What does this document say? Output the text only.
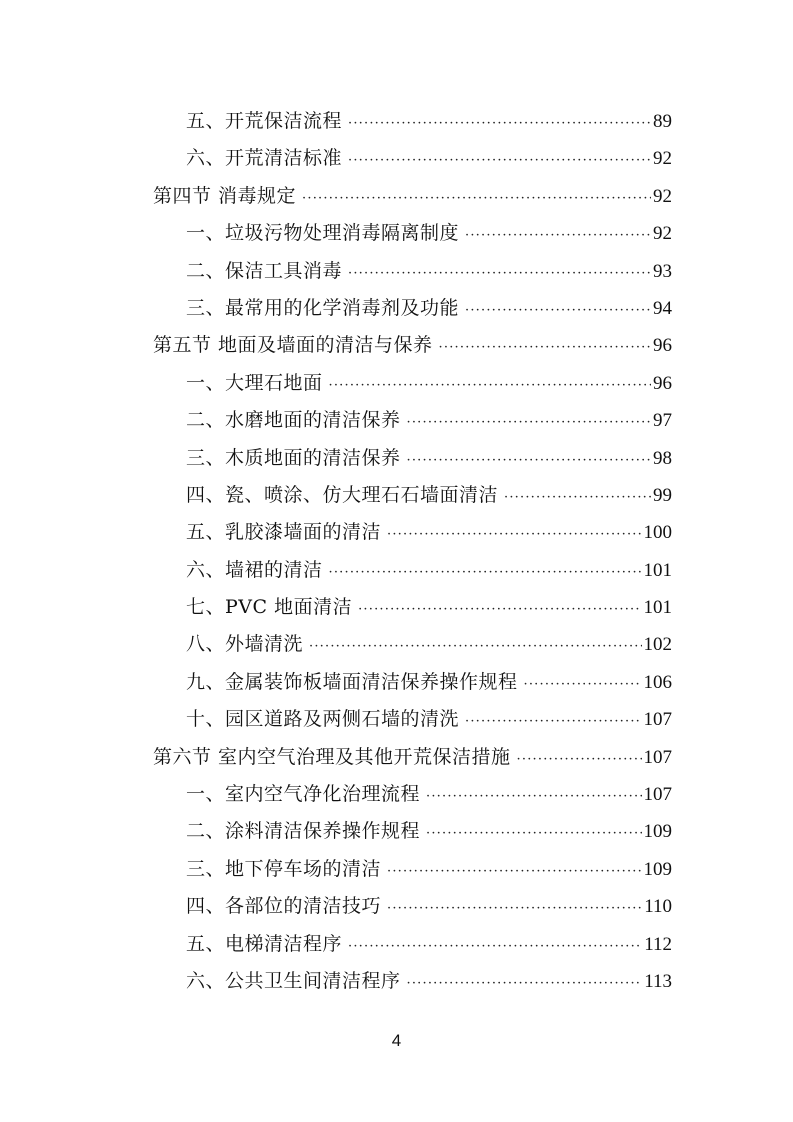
五、开荒保洁流程 ·····	89
六、开荒清洁标准 ·····	92
第四节 消毒规定 ·····	92
一、垃圾污物处理消毒隔离制度 ·····	92
二、保洁工具消毒 ·····	93
三、最常用的化学消毒剂及功能 ·····	94
第五节 地面及墙面的清洁与保养 ·····	96
一、大理石地面 ·····	96
二、水磨地面的清洁保养 ·····	97
三、木质地面的清洁保养 ·····	98
四、瓷、喷涂、仿大理石石墙面清洁 ·····	99
五、乳胶漆墙面的清洁 ·····	100
六、墙裙的清洁 ·····	101
七、PVC 地面清洁 ·····	101
八、外墙清洗 ·····	102
九、金属装饰板墙面清洁保养操作规程 ·····	106
十、园区道路及两侧石墙的清洗 ·····	107
第六节 室内空气治理及其他开荒保洁措施 ·····	107
一、室内空气净化治理流程 ·····	107
二、涂料清洁保养操作规程 ·····	109
三、地下停车场的清洁 ·····	109
四、各部位的清洁技巧 ·····	110
五、电梯清洁程序 ·····	112
六、公共卫生间清洁程序 ·····	113
4
